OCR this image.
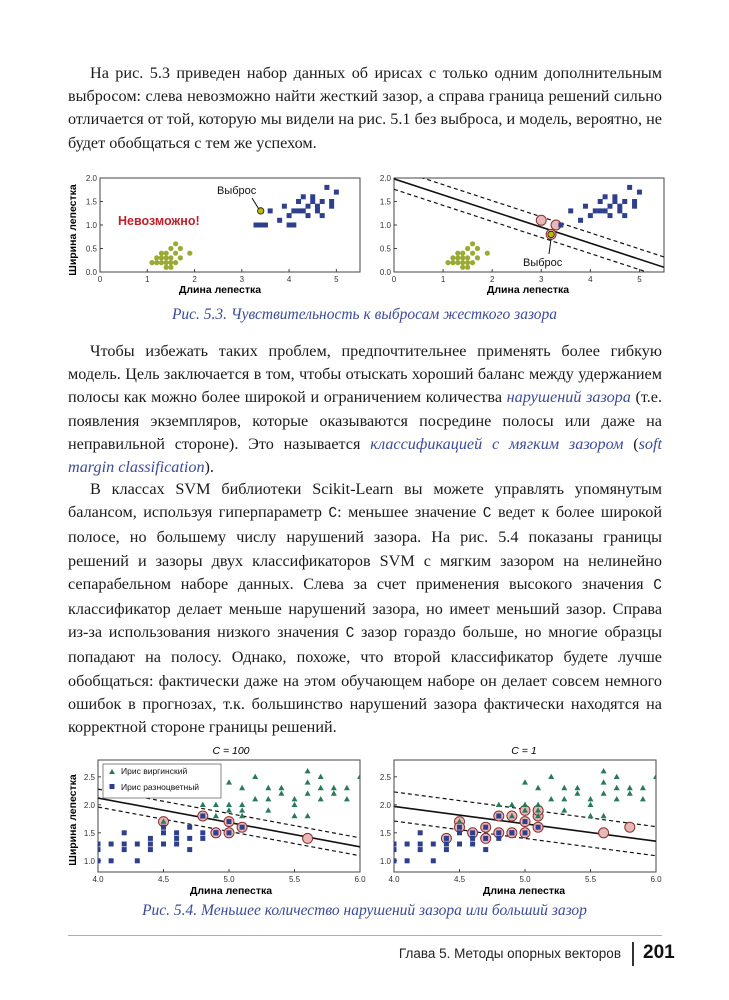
На рис. 5.3 приведен набор данных об ирисах с только одним дополнительным выбросом: слева невозможно найти жесткий зазор, а справа граница решений сильно отличается от той, которую мы видели на рис. 5.1 без выброса, и модель, вероятно, не будет обобщаться с тем же успехом.

0	1	2	3	4	5
0.0
0.5
1.0
1.5
2.0
Невозможно!
Выброс
0	1	2	3	4	5
0.0
0.5
1.0
1.5
2.0
Выброс
Ширина лепестка
Длина лепестка	Длина лепестка
Рис. 5.3. Чувствительность к выбросам жесткого зазора

Чтобы избежать таких проблем, предпочтительнее применять более гибкую модель. Цель заключается в том, чтобы отыскать хороший баланс между удержанием полосы как можно более широкой и ограничением количества нарушений зазора (т.е. появления экземпляров, которые оказываются посредине полосы или даже на неправильной стороне). Это называется классификацией с мягким зазором (soft margin classification).

В классах SVM библиотеки Scikit-Learn вы можете управлять упомянутым балансом, используя гиперпараметр C: меньшее значение C ведет к более широкой полосе, но большему числу нарушений зазора. На рис. 5.4 показаны границы решений и зазоры двух классификаторов SVM с мягким зазором на нелинейно сепарабельном наборе данных. Слева за счет применения высокого значения C классификатор делает меньше нарушений зазора, но имеет меньший зазор. Справа из-за использования низкого значения C зазор гораздо больше, но многие образцы попадают на полосу. Однако, похоже, что второй классификатор будете лучше обобщаться: фактически даже на этом обучающем наборе он делает совсем немного ошибок в прогнозах, т.к. большинство нарушений зазора фактически находятся на корректной стороне границы решений.

4.0	4.5	5.0	5.5	6.0
1.0
1.5
2.0
2.5
Ирис виргинский
Ирис разноцветный
4.0	4.5	5.0	5.5	6.0
1.0
1.5
2.0
2.5
C = 100	C = 1
Ширина лепестка
Длина лепестка	Длина лепестка
Рис. 5.4. Меньшее количество нарушений зазора или больший зазор
Глава 5. Методы опорных векторов 201
